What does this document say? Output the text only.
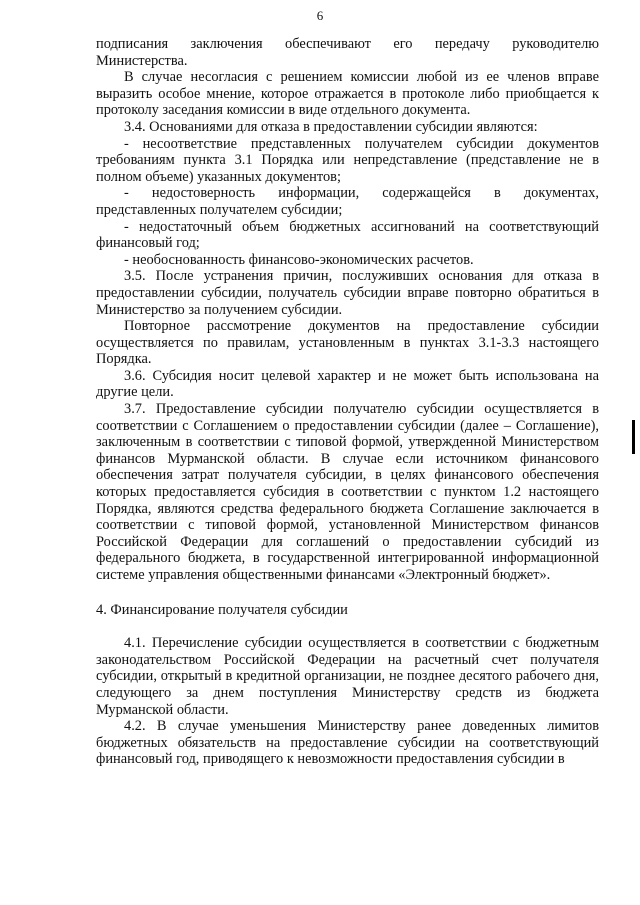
6

подписания заключения обеспечивают его передачу руководителю Министерства.

В случае несогласия с решением комиссии любой из ее членов вправе выразить особое мнение, которое отражается в протоколе либо приобщается к протоколу заседания комиссии в виде отдельного документа.

3.4. Основаниями для отказа в предоставлении субсидии являются:

- несоответствие представленных получателем субсидии документов требованиям пункта 3.1 Порядка или непредставление (представление не в полном объеме) указанных документов;

- недостоверность информации, содержащейся в документах, представленных получателем субсидии;

- недостаточный объем бюджетных ассигнований на соответствующий финансовый год;

- необоснованность финансово-экономических расчетов.

3.5. После устранения причин, послуживших основания для отказа в предоставлении субсидии, получатель субсидии вправе повторно обратиться в Министерство за получением субсидии.

Повторное рассмотрение документов на предоставление субсидии осуществляется по правилам, установленным в пунктах 3.1-3.3 настоящего Порядка.

3.6. Субсидия носит целевой характер и не может быть использована на другие цели.

3.7. Предоставление субсидии получателю субсидии осуществляется в соответствии с Соглашением о предоставлении субсидии (далее – Соглашение), заключенным в соответствии с типовой формой, утвержденной Министерством финансов Мурманской области. В случае если источником финансового обеспечения затрат получателя субсидии, в целях финансового обеспечения которых предоставляется субсидия в соответствии с пунктом 1.2 настоящего Порядка, являются средства федерального бюджета Соглашение заключается в соответствии с типовой формой, установленной Министерством финансов Российской Федерации для соглашений о предоставлении субсидий из федерального бюджета, в государственной интегрированной информационной системе управления общественными финансами «Электронный бюджет».

4. Финансирование получателя субсидии

4.1. Перечисление субсидии осуществляется в соответствии с бюджетным законодательством Российской Федерации на расчетный счет получателя субсидии, открытый в кредитной организации, не позднее десятого рабочего дня, следующего за днем поступления Министерству средств из бюджета Мурманской области.

4.2. В случае уменьшения Министерству ранее доведенных лимитов бюджетных обязательств на предоставление субсидии на соответствующий финансовый год, приводящего к невозможности предоставления субсидии в
